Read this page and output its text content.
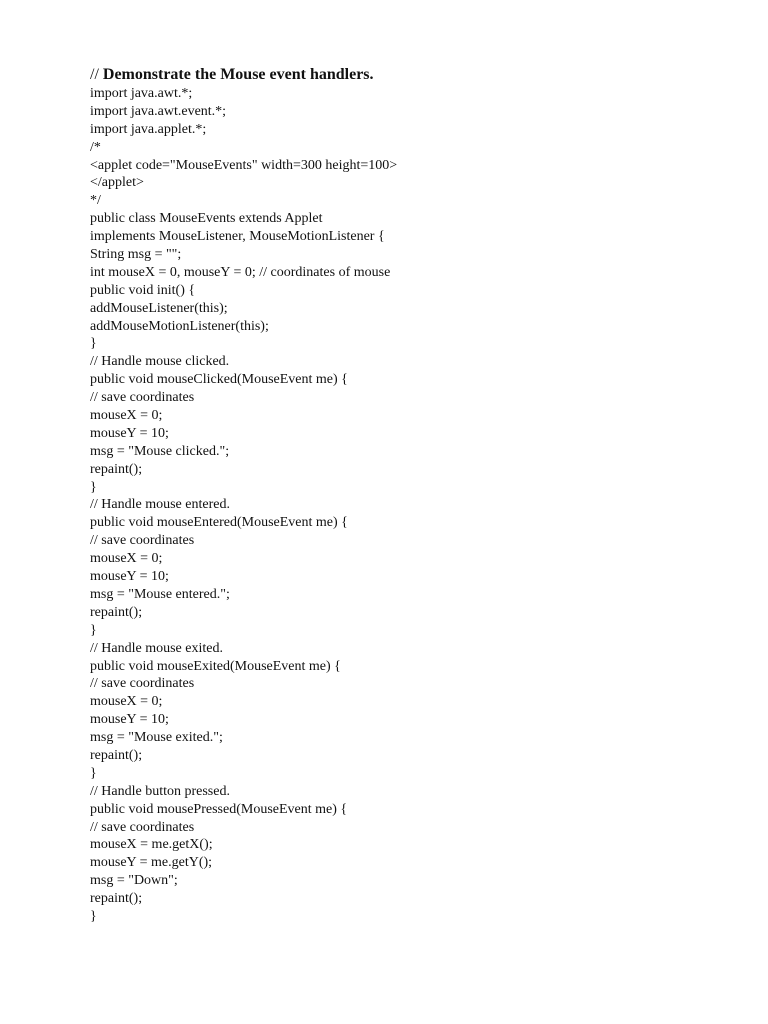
// Demonstrate the Mouse event handlers.
import java.awt.*;
import java.awt.event.*;
import java.applet.*;
/*
<applet code="MouseEvents" width=300 height=100>
</applet>
*/
public class MouseEvents extends Applet
implements MouseListener, MouseMotionListener {
String msg = "";
int mouseX = 0, mouseY = 0; // coordinates of mouse
public void init() {
addMouseListener(this);
addMouseMotionListener(this);
}
// Handle mouse clicked.
public void mouseClicked(MouseEvent me) {
// save coordinates
mouseX = 0;
mouseY = 10;
msg = "Mouse clicked.";
repaint();
}
// Handle mouse entered.
public void mouseEntered(MouseEvent me) {
// save coordinates
mouseX = 0;
mouseY = 10;
msg = "Mouse entered.";
repaint();
}
// Handle mouse exited.
public void mouseExited(MouseEvent me) {
// save coordinates
mouseX = 0;
mouseY = 10;
msg = "Mouse exited.";
repaint();
}
// Handle button pressed.
public void mousePressed(MouseEvent me) {
// save coordinates
mouseX = me.getX();
mouseY = me.getY();
msg = "Down";
repaint();
}
